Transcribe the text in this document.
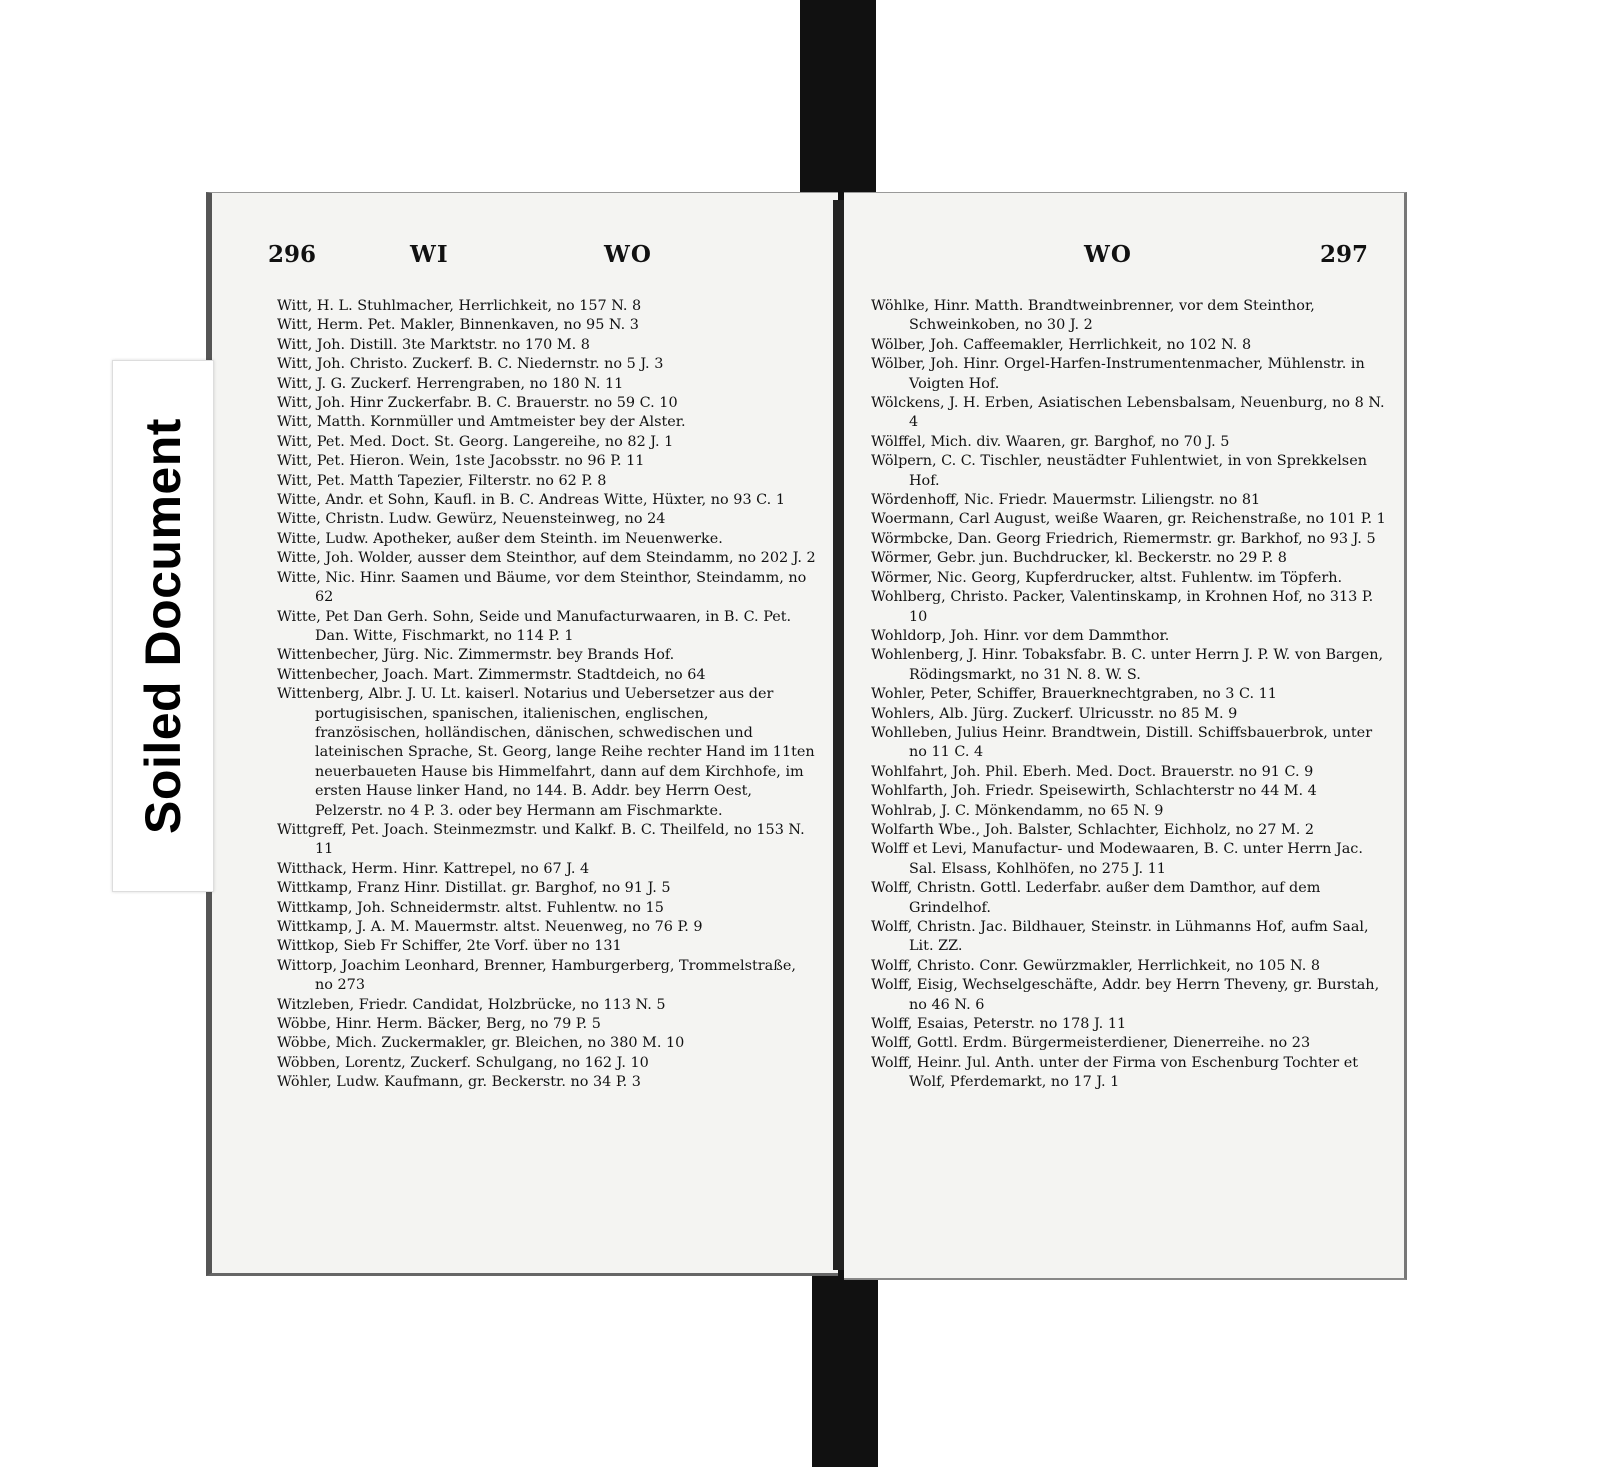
296	WI	WO
Witt, H. L. Stuhlmacher, Herrlichkeit, no 157 N. 8
Witt, Herm. Pet. Makler, Binnenkaven, no 95 N. 3
Witt, Joh. Distill. 3te Marktstr. no 170 M. 8
Witt, Joh. Christo. Zuckerf. B. C. Niedernstr. no 5 J. 3
Witt, J. G. Zuckerf. Herrengraben, no 180 N. 11
Witt, Joh. Hinr Zuckerfabr. B. C. Brauerstr. no 59 C. 10
Witt, Matth. Kornmüller und Amtmeister bey der Alster.
Witt, Pet. Med. Doct. St. Georg. Langereihe, no 82 J. 1
Witt, Pet. Hieron. Wein, 1ste Jacobsstr. no 96 P. 11
Witt, Pet. Matth Tapezier, Filterstr. no 62 P. 8
Witte, Andr. et Sohn, Kaufl. in B. C. Andreas Witte, Hüxter, no 93 C. 1
Witte, Christn. Ludw. Gewürz, Neuensteinweg, no 24
Witte, Ludw. Apotheker, außer dem Steinth. im Neuenwerke.
Witte, Joh. Wolder, ausser dem Steinthor, auf dem Steindamm, no 202 J. 2
Witte, Nic. Hinr. Saamen und Bäume, vor dem Steinthor, Steindamm, no 62
Witte, Pet Dan Gerh. Sohn, Seide und Manufacturwaaren, in B. C. Pet. Dan. Witte, Fischmarkt, no 114 P. 1
Wittenbecher, Jürg. Nic. Zimmermstr. bey Brands Hof.
Wittenbecher, Joach. Mart. Zimmermstr. Stadtdeich, no 64
Wittenberg, Albr. J. U. Lt. kaiserl. Notarius und Uebersetzer aus der portugisischen, spanischen, italienischen, englischen, französischen, holländischen, dänischen, schwedischen und lateinischen Sprache, St. Georg, lange Reihe rechter Hand im 11ten neuerbaueten Hause bis Himmelfahrt, dann auf dem Kirchhofe, im ersten Hause linker Hand, no 144. B. Addr. bey Herrn Oest, Pelzerstr. no 4 P. 3. oder bey Hermann am Fischmarkte.
Wittgreff, Pet. Joach. Steinmezmstr. und Kalkf. B. C. Theilfeld, no 153 N. 11
Witthack, Herm. Hinr. Kattrepel, no 67 J. 4
Wittkamp, Franz Hinr. Distillat. gr. Barghof, no 91 J. 5
Wittkamp, Joh. Schneidermstr. altst. Fuhlentw. no 15
Wittkamp, J. A. M. Mauermstr. altst. Neuenweg, no 76 P. 9
Wittkop, Sieb Fr Schiffer, 2te Vorf. über no 131
Wittorp, Joachim Leonhard, Brenner, Hamburgerberg, Trommelstraße, no 273
Witzleben, Friedr. Candidat, Holzbrücke, no 113 N. 5
Wöbbe, Hinr. Herm. Bäcker, Berg, no 79 P. 5
Wöbbe, Mich. Zuckermakler, gr. Bleichen, no 380 M. 10
Wöbben, Lorentz, Zuckerf. Schulgang, no 162 J. 10
Wöhler, Ludw. Kaufmann, gr. Beckerstr. no 34 P. 3
WO	297
Wöhlke, Hinr. Matth. Brandtweinbrenner, vor dem Steinthor, Schweinkoben, no 30 J. 2
Wölber, Joh. Caffeemakler, Herrlichkeit, no 102 N. 8
Wölber, Joh. Hinr. Orgel-Harfen-Instrumentenmacher, Mühlenstr. in Voigten Hof.
Wölckens, J. H. Erben, Asiatischen Lebensbalsam, Neuenburg, no 8 N. 4
Wölffel, Mich. div. Waaren, gr. Barghof, no 70 J. 5
Wölpern, C. C. Tischler, neustädter Fuhlentwiet, in von Sprekkelsen Hof.
Wördenhoff, Nic. Friedr. Mauermstr. Liliengstr. no 81
Woermann, Carl August, weiße Waaren, gr. Reichenstraße, no 101 P. 1
Wörmbcke, Dan. Georg Friedrich, Riemermstr. gr. Barkhof, no 93 J. 5
Wörmer, Gebr. jun. Buchdrucker, kl. Beckerstr. no 29 P. 8
Wörmer, Nic. Georg, Kupferdrucker, altst. Fuhlentw. im Töpferh.
Wohlberg, Christo. Packer, Valentinskamp, in Krohnen Hof, no 313 P. 10
Wohldorp, Joh. Hinr. vor dem Dammthor.
Wohlenberg, J. Hinr. Tobaksfabr. B. C. unter Herrn J. P. W. von Bargen, Rödingsmarkt, no 31 N. 8. W. S.
Wohler, Peter, Schiffer, Brauerknechtgraben, no 3 C. 11
Wohlers, Alb. Jürg. Zuckerf. Ulricusstr. no 85 M. 9
Wohlleben, Julius Heinr. Brandtwein, Distill. Schiffsbauerbrok, unter no 11 C. 4
Wohlfahrt, Joh. Phil. Eberh. Med. Doct. Brauerstr. no 91 C. 9
Wohlfarth, Joh. Friedr. Speisewirth, Schlachterstr no 44 M. 4
Wohlrab, J. C. Mönkendamm, no 65 N. 9
Wolfarth Wbe., Joh. Balster, Schlachter, Eichholz, no 27 M. 2
Wolff et Levi, Manufactur- und Modewaaren, B. C. unter Herrn Jac. Sal. Elsass, Kohlhöfen, no 275 J. 11
Wolff, Christn. Gottl. Lederfabr. außer dem Damthor, auf dem Grindelhof.
Wolff, Christn. Jac. Bildhauer, Steinstr. in Lühmanns Hof, aufm Saal, Lit. ZZ.
Wolff, Christo. Conr. Gewürzmakler, Herrlichkeit, no 105 N. 8
Wolff, Eisig, Wechselgeschäfte, Addr. bey Herrn Theveny, gr. Burstah, no 46 N. 6
Wolff, Esaias, Peterstr. no 178 J. 11
Wolff, Gottl. Erdm. Bürgermeisterdiener, Dienerreihe. no 23
Wolff, Heinr. Jul. Anth. unter der Firma von Eschenburg Tochter et Wolf, Pferdemarkt, no 17 J. 1
Soiled Document
